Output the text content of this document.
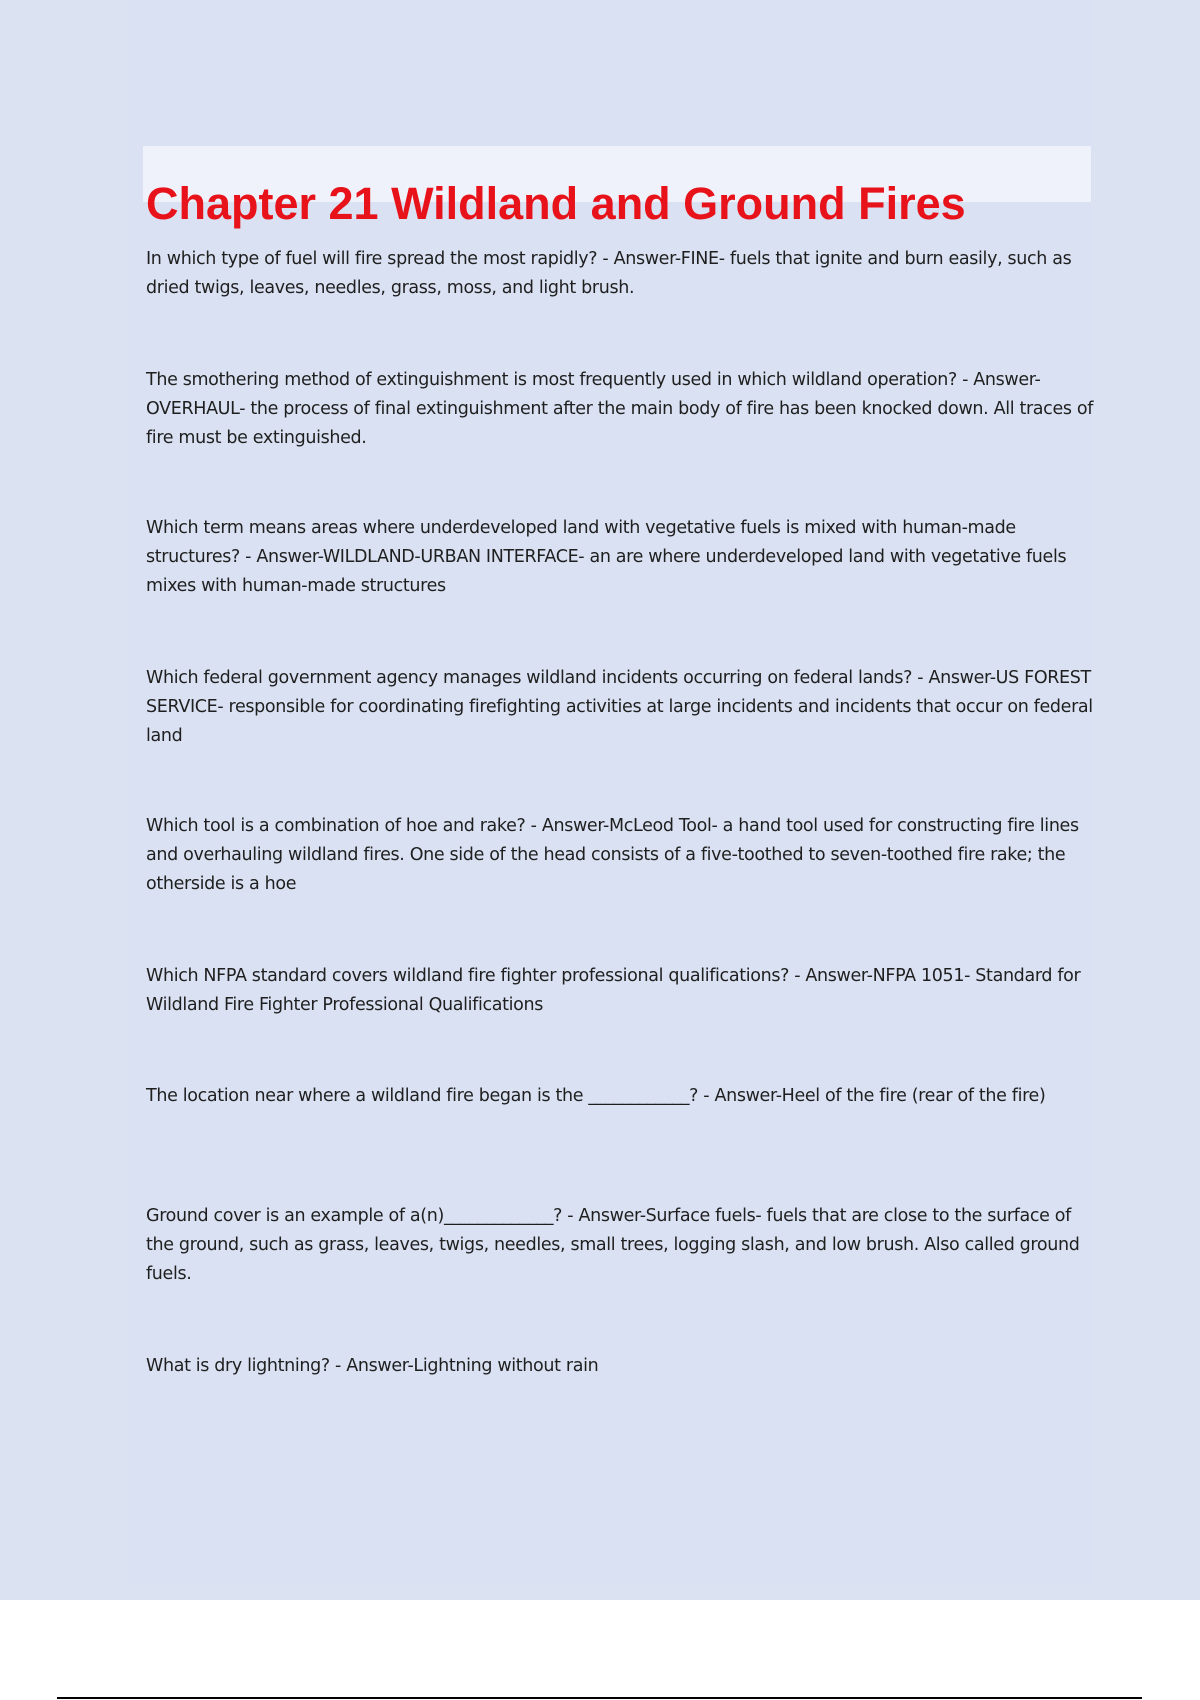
Chapter 21 Wildland and Ground Fires

In which type of fuel will fire spread the most rapidly? - Answer-FINE- fuels that ignite and burn easily, such as dried twigs, leaves, needles, grass, moss, and light brush.

The smothering method of extinguishment is most frequently used in which wildland operation? - Answer-OVERHAUL- the process of final extinguishment after the main body of fire has been knocked down. All traces of fire must be extinguished.

Which term means areas where underdeveloped land with vegetative fuels is mixed with human-made structures? - Answer-WILDLAND-URBAN INTERFACE- an are where underdeveloped land with vegetative fuels mixes with human-made structures

Which federal government agency manages wildland incidents occurring on federal lands? - Answer-US FOREST SERVICE- responsible for coordinating firefighting activities at large incidents and incidents that occur on federal land

Which tool is a combination of hoe and rake? - Answer-McLeod Tool- a hand tool used for constructing fire lines and overhauling wildland fires. One side of the head consists of a five-toothed to seven-toothed fire rake; the otherside is a hoe

Which NFPA standard covers wildland fire fighter professional qualifications? - Answer-NFPA 1051- Standard for Wildland Fire Fighter Professional Qualifications

The location near where a wildland fire began is the ____________? - Answer-Heel of the fire (rear of the fire)

Ground cover is an example of a(n)_____________? - Answer-Surface fuels- fuels that are close to the surface of the ground, such as grass, leaves, twigs, needles, small trees, logging slash, and low brush. Also called ground fuels.

What is dry lightning? - Answer-Lightning without rain
